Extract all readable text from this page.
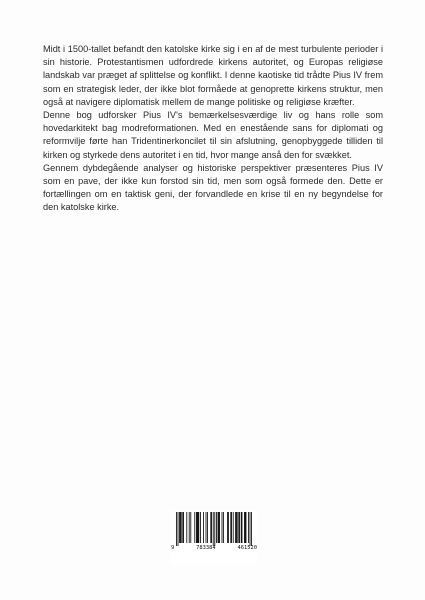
Midt i 1500-tallet befandt den katolske kirke sig i en af de mest turbulente perioder i sin historie. Protestantismen udfordrede kirkens autoritet, og Europas religiøse landskab var præget af splittelse og konflikt. I denne kaotiske tid trådte Pius IV frem som en strategisk leder, der ikke blot formåede at genoprette kirkens struktur, men også at navigere diplomatisk mellem de mange politiske og religiøse kræfter.

Denne bog udforsker Pius IV's bemærkelsesværdige liv og hans rolle som hovedarkitekt bag modreformationen. Med en enestående sans for diplomati og reformvilje førte han Tridentinerkoncilet til sin afslutning, genopbyggede tilliden til kirken og styrkede dens autoritet i en tid, hvor mange anså den for svækket.

Gennem dybdegående analyser og historiske perspektiver præsenteres Pius IV som en pave, der ikke kun forstod sin tid, men som også formede den. Dette er fortællingen om en taktisk geni, der forvandlede en krise til en ny begyndelse for den katolske kirke.

9	783384	461520
